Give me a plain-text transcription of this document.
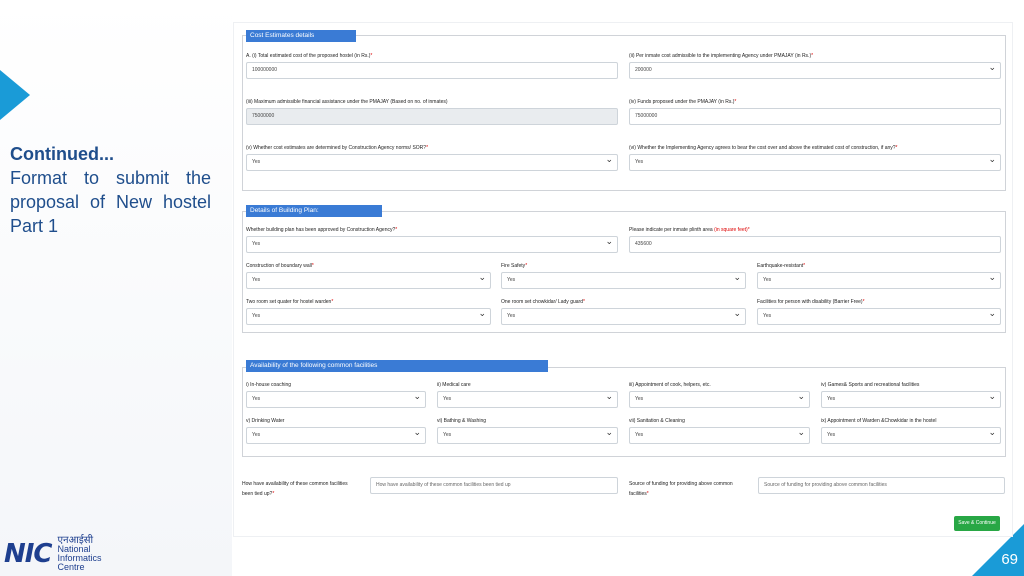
Continued...
Format to submit the proposal of New hostel Part 1
NIC एनआईसी
National
Informatics
Centre	69
Cost Estimates details
A. (i) Total estimated cost of the proposed hostel (in Rs.)*
100000000
(ii) Per inmate cost admissible to the implementing Agency under PMAJAY (in Rs.)*
200000 ⌄
(iii) Maximum admissible financial assistance under the PMAJAY (Based on no. of inmates)
75000000
(iv) Funds proposed under the PMAJAY (in Rs.)*
75000000
(v) Whether cost estimates are determined by Construction Agency norms/ SOR?*
Yes ⌄
(vi) Whether the Implementing Agency agrees to bear the cost over and above the estimated cost of construction, if any?*
Yes ⌄
Details of Building Plan:
Whether building plan has been approved by Construction Agency?*
Yes ⌄
Please indicate per inmate plinth area (in square feet)*
435600
Construction of boundary wall*
Yes ⌄
Fire Safety*
Yes ⌄
Earthquake-resistant*
Yes ⌄
Two room set quater for hostel warden*
Yes ⌄
One room set chowkidar/ Lady guard*
Yes ⌄
Facilities for person with disability (Barrier Free)*
Yes ⌄
Availability of the following common facilities
i) In-house coaching
Yes ⌄
ii) Medical care
Yes ⌄
iii) Appointment of cook, helpers, etc.
Yes ⌄
iv) Games& Sports and recreational facilities
Yes ⌄
v) Drinking Water
Yes ⌄
vi) Bathing & Washing
Yes ⌄
vii) Sanitation & Cleaning
Yes ⌄
ix) Appointment of Warden &Chowkidar in the hostel
Yes ⌄
How have availability of these common facilities
been tied up?*
How have availability of these common facilities been tied up	Source of funding for providing above common
facilities*
Source of funding for providing above common facilities
Save & Continue
